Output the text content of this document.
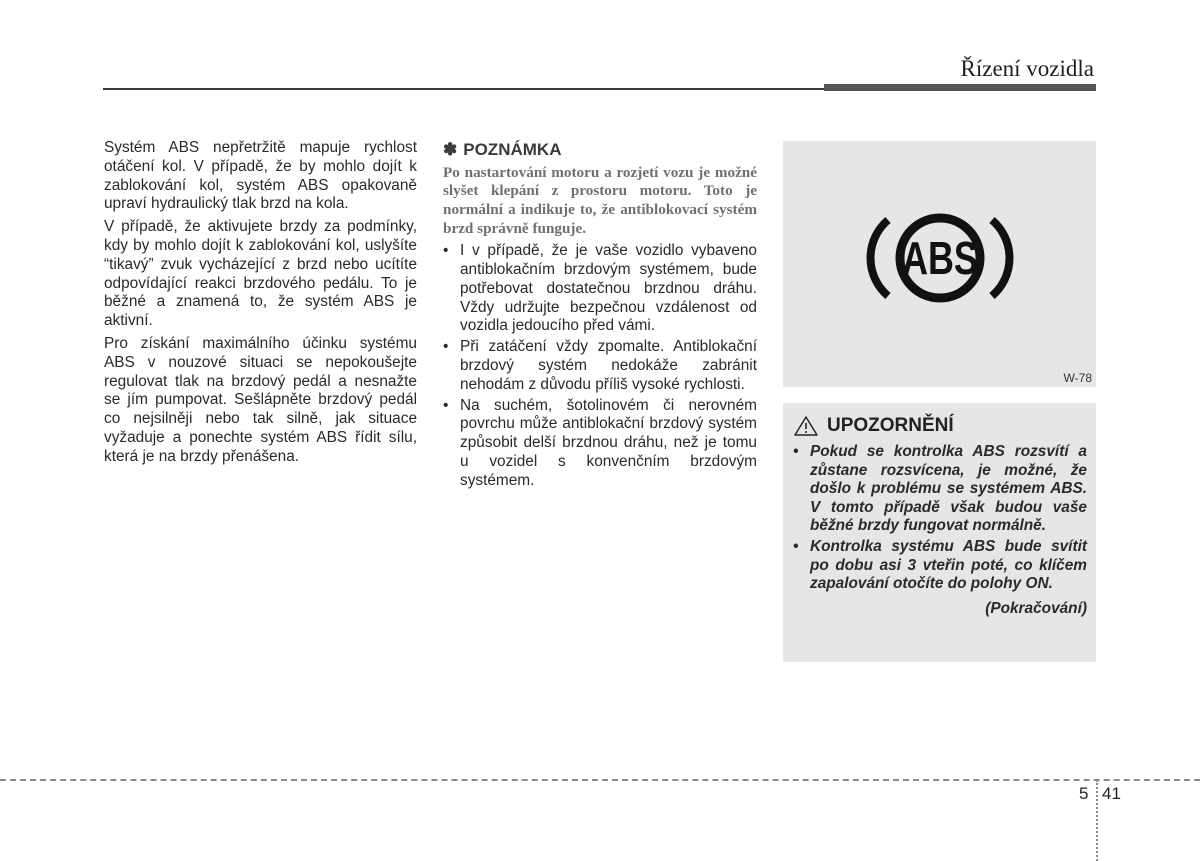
Řízení vozidla

Systém ABS nepřetržitě mapuje rychlost otáčení kol. V případě, že by mohlo dojít k zablokování kol, systém ABS opakovaně upraví hydraulický tlak brzd na kola.

V případě, že aktivujete brzdy za podmínky, kdy by mohlo dojít k zablokování kol, uslyšíte “tikavý” zvuk vycházející z brzd nebo ucítíte odpovídající reakci brzdového pedálu. To je běžné a znamená to, že systém ABS je aktivní.

Pro získání maximálního účinku systému ABS v nouzové situaci se nepokoušejte regulovat tlak na brzdový pedál a nesnažte se jím pumpovat. Sešlápněte brzdový pedál co nejsilněji nebo tak silně, jak situace vyžaduje a ponechte systém ABS řídit sílu, která je na brzdy přenášena.

✽ POZNÁMKA

Po nastartování motoru a rozjetí vozu je možné slyšet klepání z prostoru motoru. Toto je normální a indikuje to, že antiblokovací systém brzd správně funguje.

• I v případě, že je vaše vozidlo vybaveno antiblokačním brzdovým systémem, bude potřebovat dostatečnou brzdnou dráhu. Vždy udržujte bezpečnou vzdálenost od vozidla jedoucího před vámi.
• Při zatáčení vždy zpomalte. Antiblokační brzdový systém nedokáže zabránit nehodám z důvodu příliš vysoké rychlosti.
• Na suchém, šotolinovém či nerovném povrchu může antiblokační brzdový systém způsobit delší brzdnou dráhu, než je tomu u vozidel s konvenčním brzdovým systémem.
ABS
W-78
UPOZORNĚNÍ
• Pokud se kontrolka ABS rozsvítí a zůstane rozsvícena, je možné, že došlo k problému se systémem ABS. V tomto případě však budou vaše běžné brzdy fungovat normálně.
• Kontrolka systému ABS bude svítit po dobu asi 3 vteřin poté, co klíčem zapalování otočíte do polohy ON.
(Pokračování)
5 41
